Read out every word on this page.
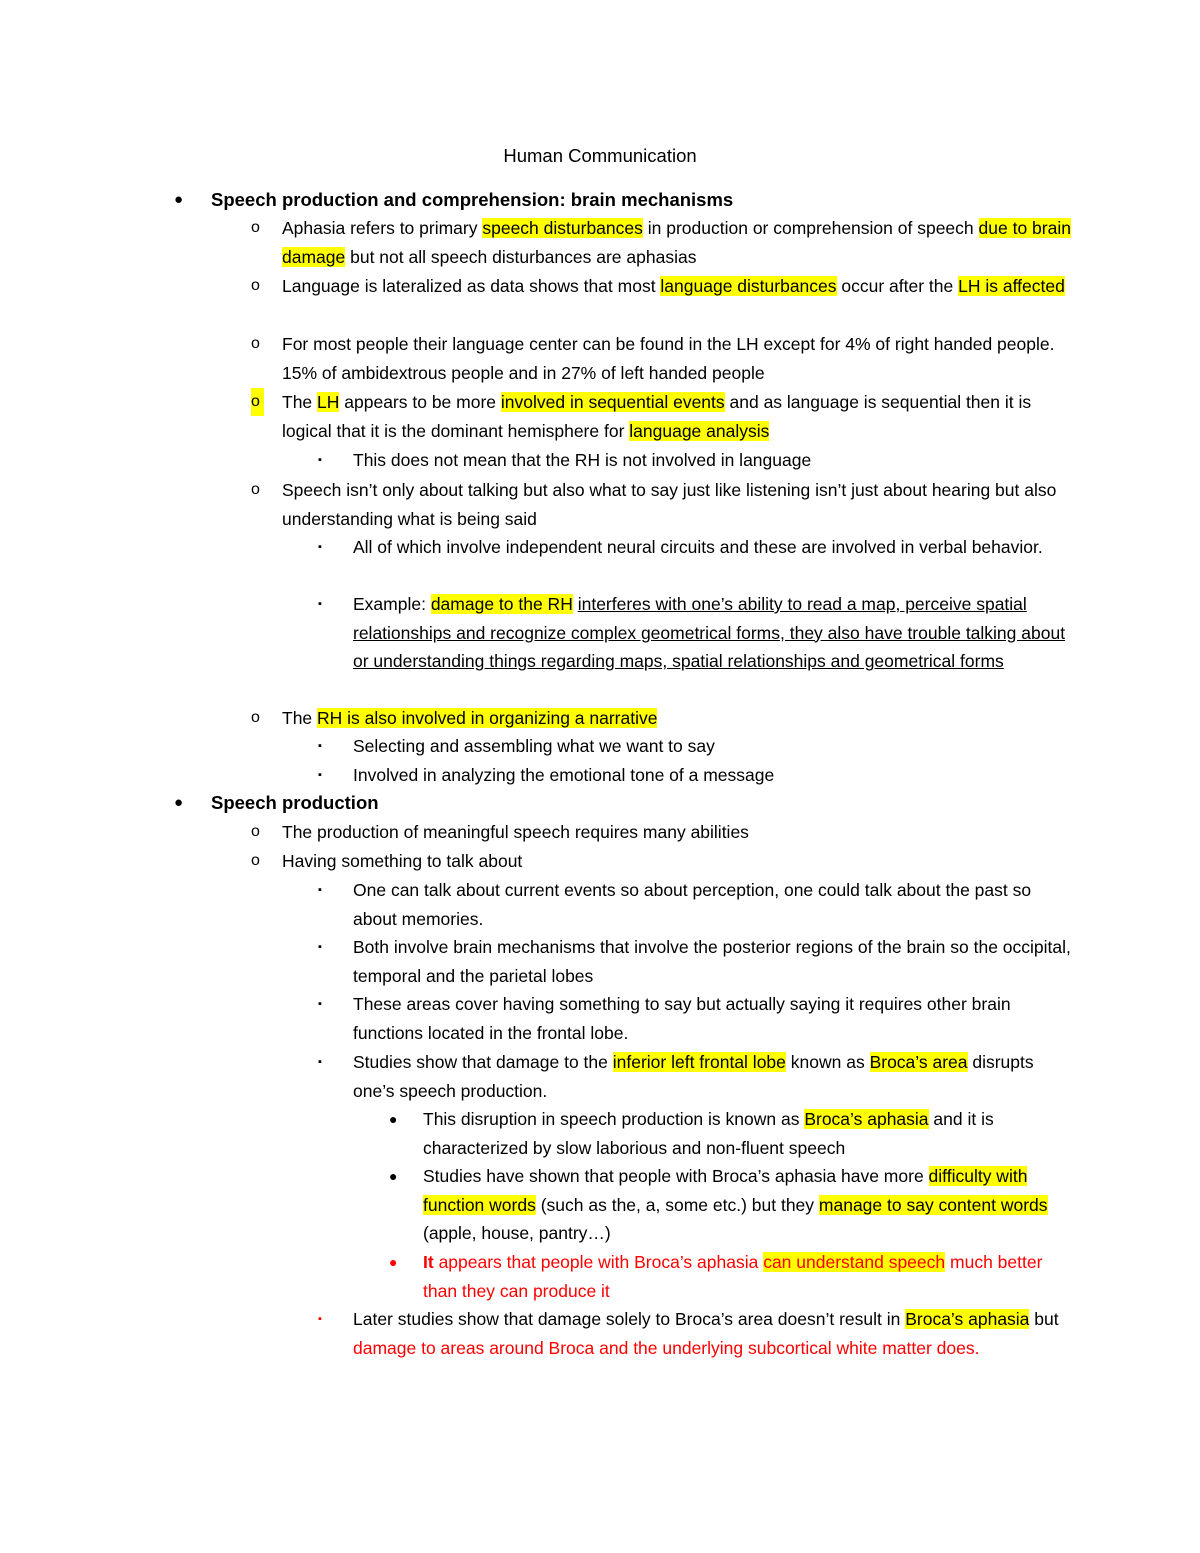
Human Communication
● Speech production and comprehension: brain mechanisms

o Aphasia refers to primary speech disturbances in production or comprehension of speech due to brain damage but not all speech disturbances are aphasias

o Language is lateralized as data shows that most language disturbances occur after the LH is affected

o For most people their language center can be found in the LH except for 4% of right handed people. 15% of ambidextrous people and in 27% of left handed people

o The LH appears to be more involved in sequential events and as language is sequential then it is logical that it is the dominant hemisphere for language analysis

▪ This does not mean that the RH is not involved in language

o Speech isn’t only about talking but also what to say just like listening isn’t just about hearing but also understanding what is being said

▪ All of which involve independent neural circuits and these are involved in verbal behavior.

▪ Example: damage to the RH interferes with one’s ability to read a map, perceive spatial relationships and recognize complex geometrical forms, they also have trouble talking about or understanding things regarding maps, spatial relationships and geometrical forms

o The RH is also involved in organizing a narrative

▪ Selecting and assembling what we want to say

▪ Involved in analyzing the emotional tone of a message

● Speech production

o The production of meaningful speech requires many abilities

o Having something to talk about

▪ One can talk about current events so about perception, one could talk about the past so about memories.

▪ Both involve brain mechanisms that involve the posterior regions of the brain so the occipital, temporal and the parietal lobes

▪ These areas cover having something to say but actually saying it requires other brain functions located in the frontal lobe.

▪ Studies show that damage to the inferior left frontal lobe known as Broca’s area disrupts one’s speech production.

● This disruption in speech production is known as Broca’s aphasia and it is characterized by slow laborious and non-fluent speech

● Studies have shown that people with Broca’s aphasia have more difficulty with function words (such as the, a, some etc.) but they manage to say content words (apple, house, pantry…)

● It appears that people with Broca’s aphasia can understand speech much better than they can produce it

▪ Later studies show that damage solely to Broca’s area doesn’t result in Broca’s aphasia but damage to areas around Broca and the underlying subcortical white matter does.
